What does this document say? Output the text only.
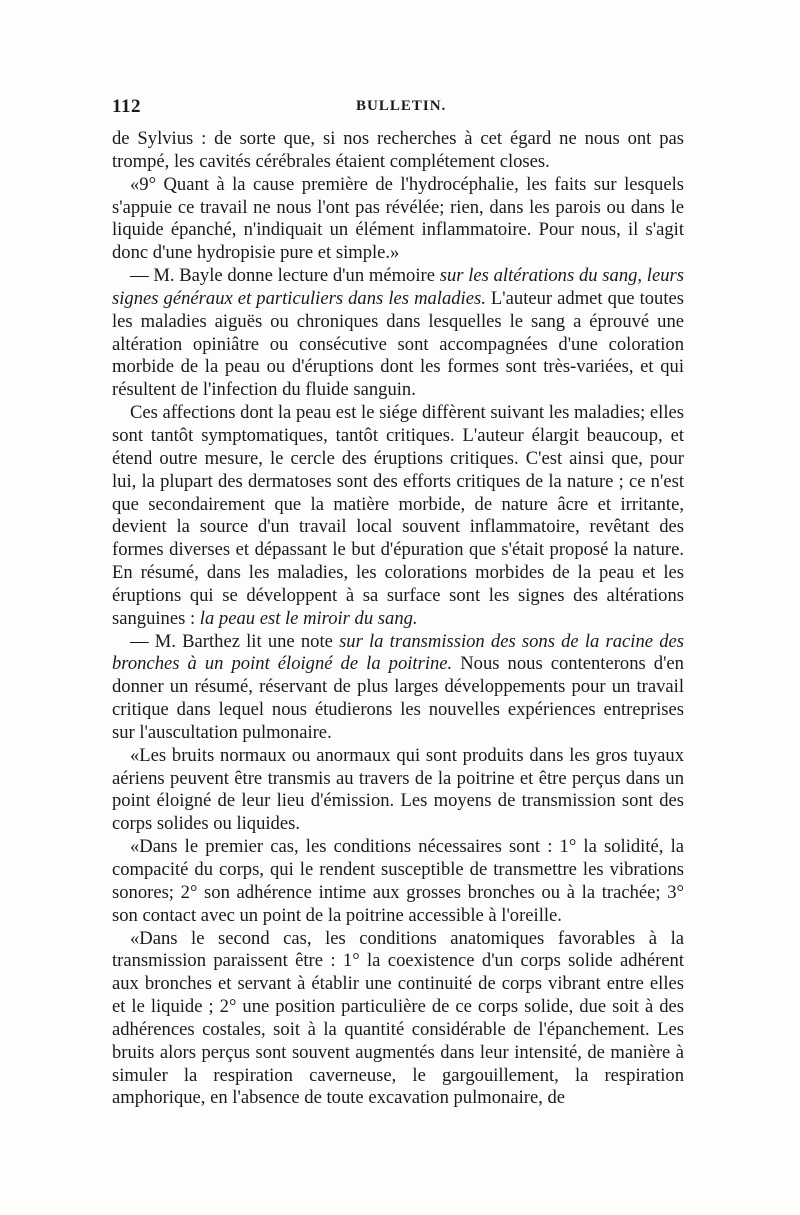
112	BULLETIN.

de Sylvius : de sorte que, si nos recherches à cet égard ne nous ont pas trompé, les cavités cérébrales étaient complétement closes.

«9° Quant à la cause première de l'hydrocéphalie, les faits sur lesquels s'appuie ce travail ne nous l'ont pas révélée; rien, dans les parois ou dans le liquide épanché, n'indiquait un élément inflammatoire. Pour nous, il s'agit donc d'une hydropisie pure et simple.»

— M. Bayle donne lecture d'un mémoire sur les altérations du sang, leurs signes généraux et particuliers dans les maladies. L'auteur admet que toutes les maladies aiguës ou chroniques dans lesquelles le sang a éprouvé une altération opiniâtre ou consécutive sont accompagnées d'une coloration morbide de la peau ou d'éruptions dont les formes sont très-variées, et qui résultent de l'infection du fluide sanguin.

Ces affections dont la peau est le siége diffèrent suivant les maladies; elles sont tantôt symptomatiques, tantôt critiques. L'auteur élargit beaucoup, et étend outre mesure, le cercle des éruptions critiques. C'est ainsi que, pour lui, la plupart des dermatoses sont des efforts critiques de la nature ; ce n'est que secondairement que la matière morbide, de nature âcre et irritante, devient la source d'un travail local souvent inflammatoire, revêtant des formes diverses et dépassant le but d'épuration que s'était proposé la nature. En résumé, dans les maladies, les colorations morbides de la peau et les éruptions qui se développent à sa surface sont les signes des altérations sanguines : la peau est le miroir du sang.

— M. Barthez lit une note sur la transmission des sons de la racine des bronches à un point éloigné de la poitrine. Nous nous contenterons d'en donner un résumé, réservant de plus larges développements pour un travail critique dans lequel nous étudierons les nouvelles expériences entreprises sur l'auscultation pulmonaire.

«Les bruits normaux ou anormaux qui sont produits dans les gros tuyaux aériens peuvent être transmis au travers de la poitrine et être perçus dans un point éloigné de leur lieu d'émission. Les moyens de transmission sont des corps solides ou liquides.

«Dans le premier cas, les conditions nécessaires sont : 1° la solidité, la compacité du corps, qui le rendent susceptible de transmettre les vibrations sonores; 2° son adhérence intime aux grosses bronches ou à la trachée; 3° son contact avec un point de la poitrine accessible à l'oreille.

«Dans le second cas, les conditions anatomiques favorables à la transmission paraissent être : 1° la coexistence d'un corps solide adhérent aux bronches et servant à établir une continuité de corps vibrant entre elles et le liquide ; 2° une position particulière de ce corps solide, due soit à des adhérences costales, soit à la quantité considérable de l'épanchement. Les bruits alors perçus sont souvent augmentés dans leur intensité, de manière à simuler la respiration caverneuse, le gargouillement, la respiration amphorique, en l'absence de toute excavation pulmonaire, de
